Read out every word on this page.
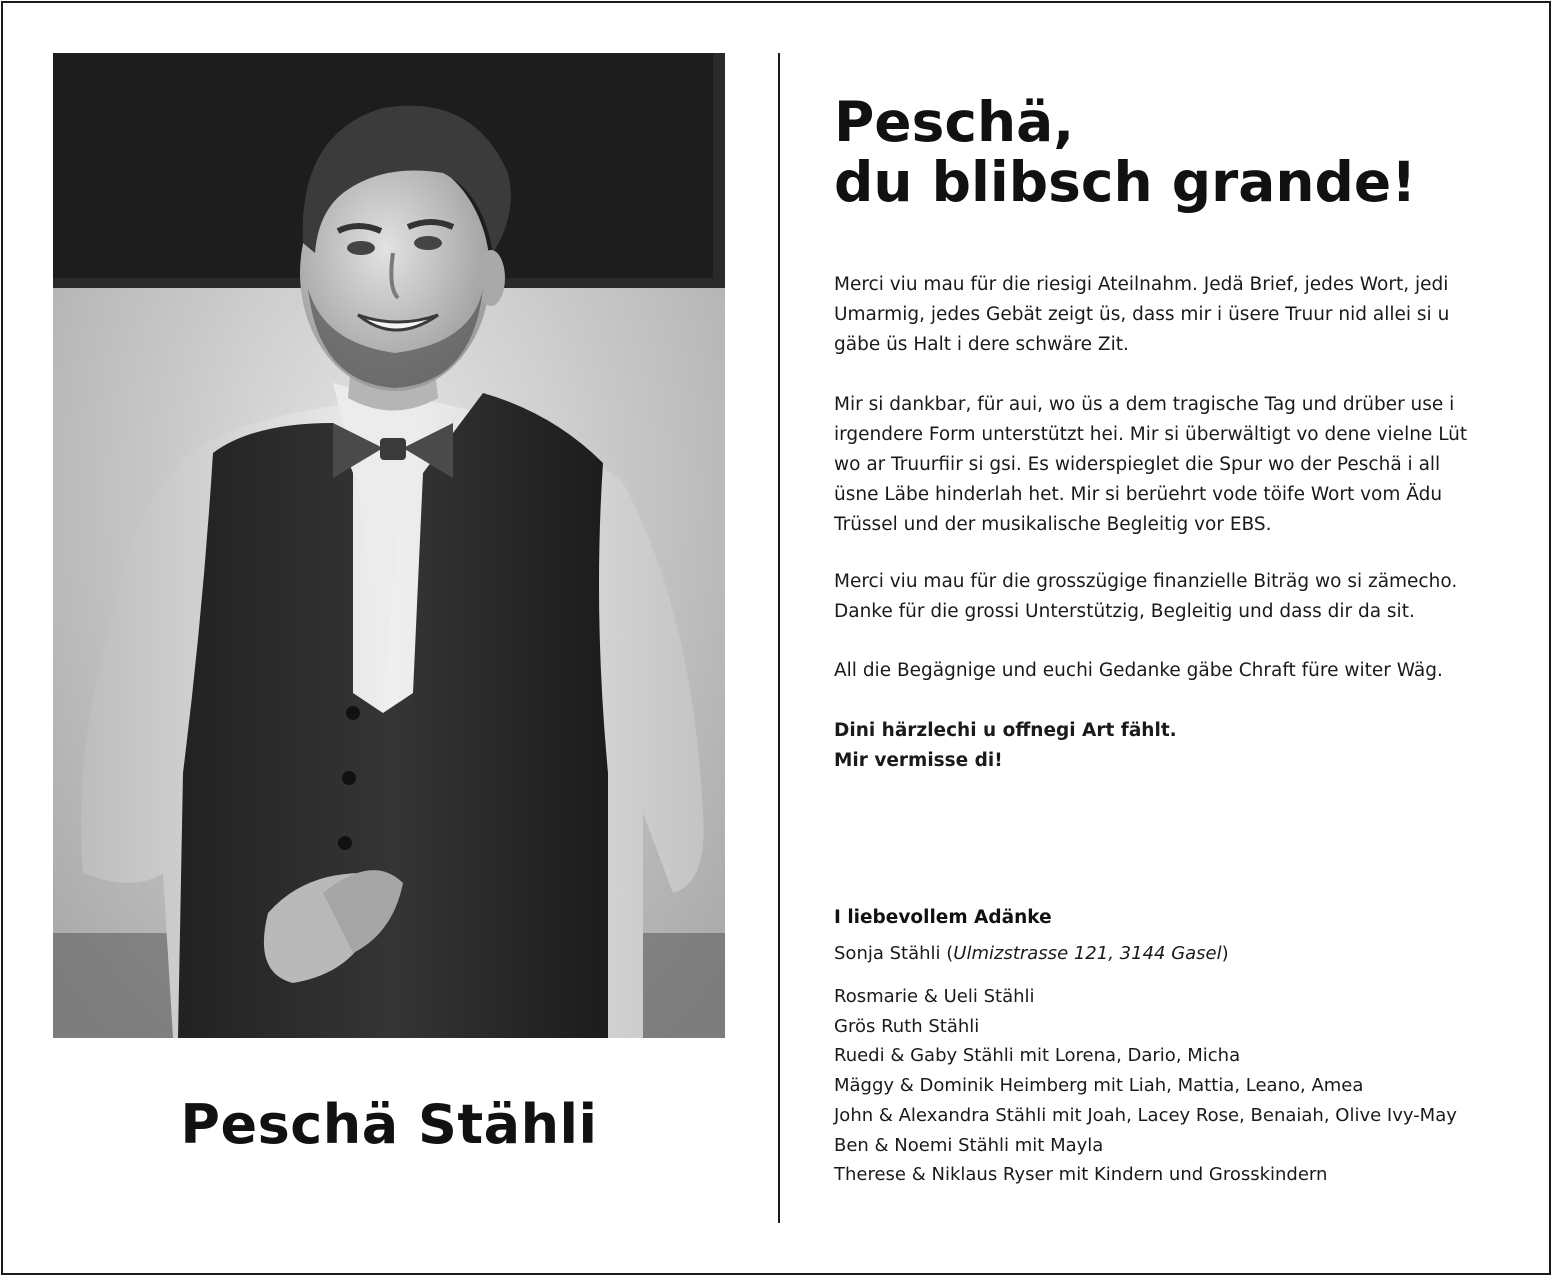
Peschä Stähli
Peschä,
du blibsch grande!
Merci viu mau für die riesigi Ateilnahm. Jedä Brief, jedes Wort, jedi
Umarmig, jedes Gebät zeigt üs, dass mir i üsere Truur nid allei si u
gäbe üs Halt i dere schwäre Zit.
Mir si dankbar, für aui, wo üs a dem tragische Tag und drüber use i
irgendere Form unterstützt hei. Mir si überwältigt vo dene vielne Lüt
wo ar Truurfiir si gsi. Es widerspieglet die Spur wo der Peschä i all
üsne Läbe hinderlah het. Mir si berüehrt vode töife Wort vom Ädu
Trüssel und der musikalische Begleitig vor EBS.
Merci viu mau für die grosszügige finanzielle Biträg wo si zämecho.
Danke für die grossi Unterstützig, Begleitig und dass dir da sit.
All die Begägnige und euchi Gedanke gäbe Chraft füre witer Wäg.
Dini härzlechi u offnegi Art fählt.
Mir vermisse di!
I liebevollem Adänke
Sonja Stähli (Ulmizstrasse 121, 3144 Gasel)
Rosmarie & Ueli Stähli
Grös Ruth Stähli
Ruedi & Gaby Stähli mit Lorena, Dario, Micha
Mäggy & Dominik Heimberg mit Liah, Mattia, Leano, Amea
John & Alexandra Stähli mit Joah, Lacey Rose, Benaiah, Olive Ivy-May
Ben & Noemi Stähli mit Mayla
Therese & Niklaus Ryser mit Kindern und Grosskindern
